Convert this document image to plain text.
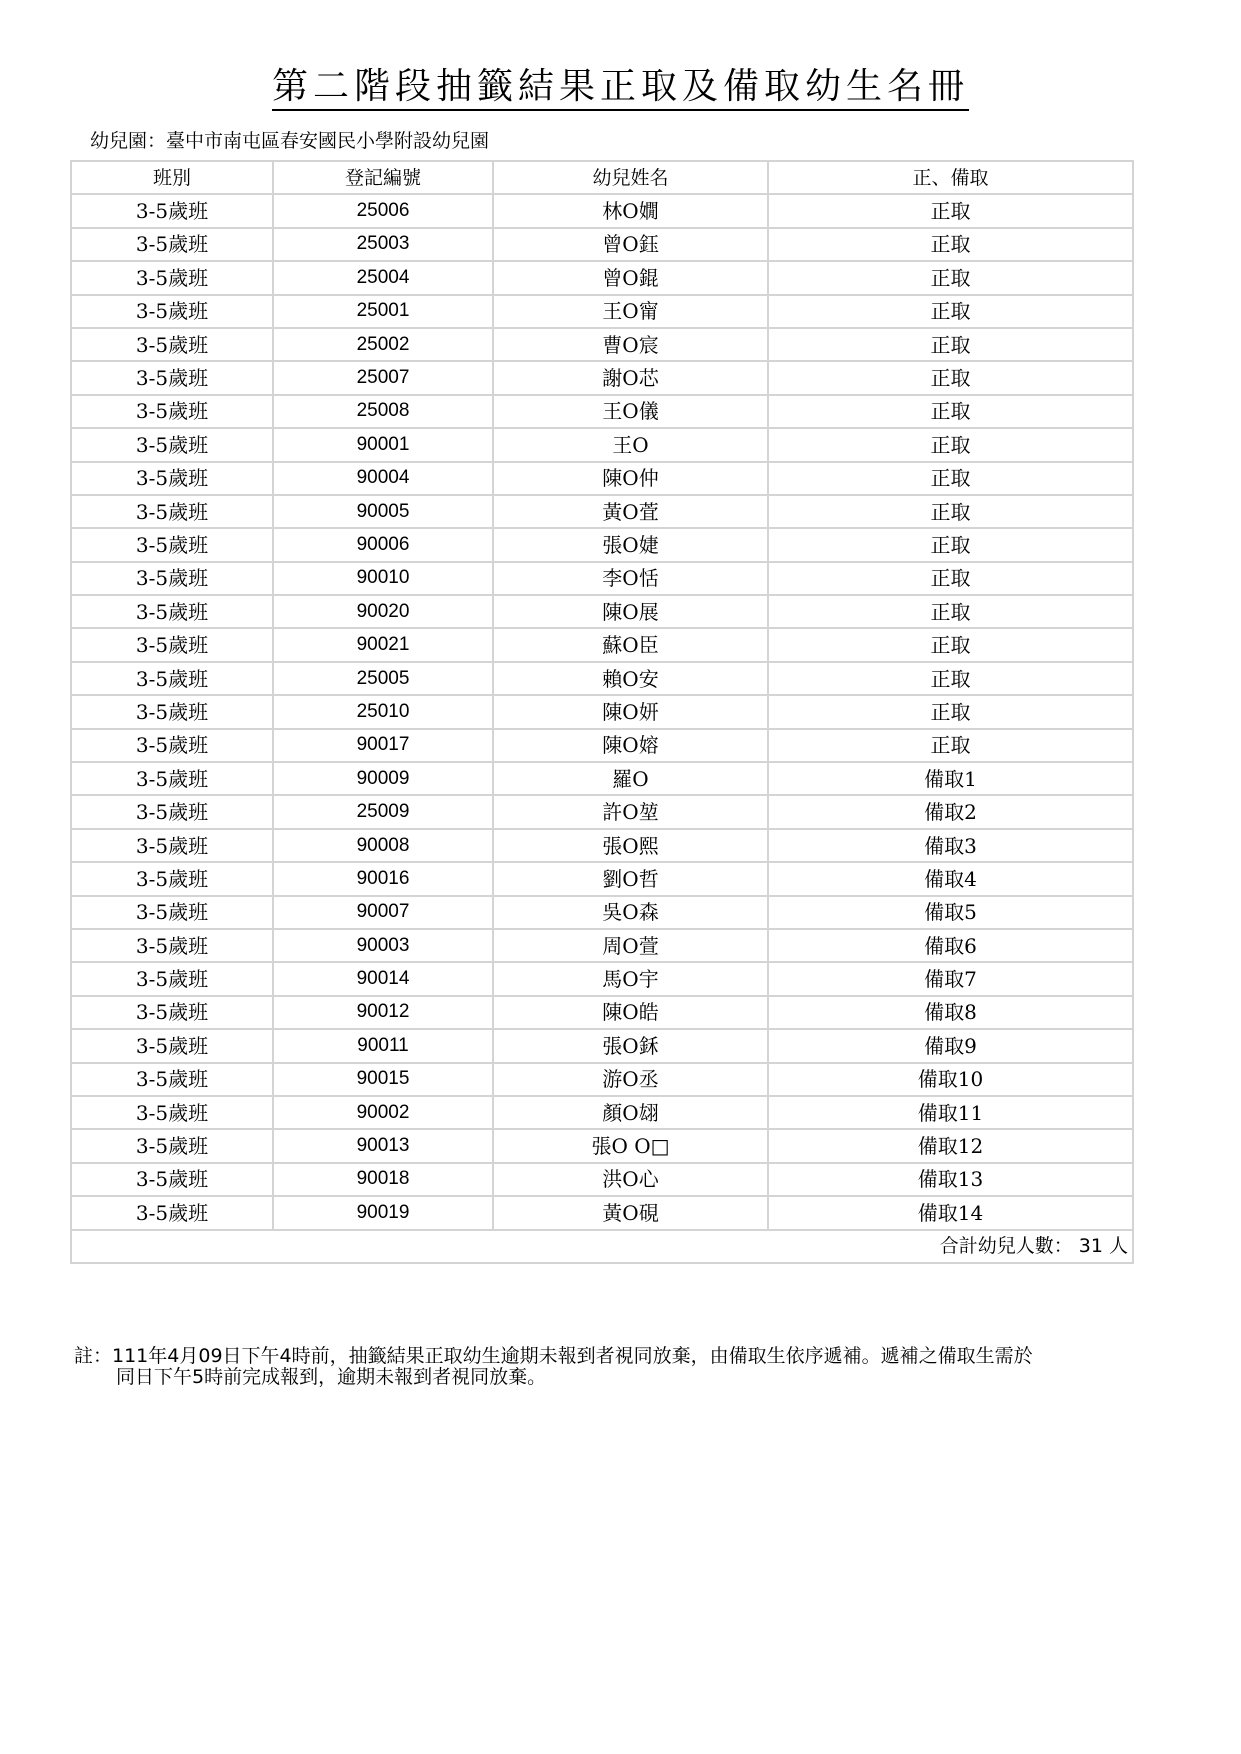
第二階段抽籤結果正取及備取幼生名冊
幼兒園：臺中市南屯區春安國民小學附設幼兒園
班別	登記編號	幼兒姓名	正、備取
3-5歲班	25006	林O嫺	正取
3-5歲班	25003	曾O鈺	正取
3-5歲班	25004	曾O錕	正取
3-5歲班	25001	王O甯	正取
3-5歲班	25002	曹O宸	正取
3-5歲班	25007	謝O芯	正取
3-5歲班	25008	王O儀	正取
3-5歲班	90001	王O	正取
3-5歲班	90004	陳O仲	正取
3-5歲班	90005	黃O萓	正取
3-5歲班	90006	張O婕	正取
3-5歲班	90010	李O恬	正取
3-5歲班	90020	陳O展	正取
3-5歲班	90021	蘇O臣	正取
3-5歲班	25005	賴O安	正取
3-5歲班	25010	陳O妍	正取
3-5歲班	90017	陳O嫆	正取
3-5歲班	90009	羅O	備取1
3-5歲班	25009	許O堃	備取2
3-5歲班	90008	張O熙	備取3
3-5歲班	90016	劉O哲	備取4
3-5歲班	90007	吳O森	備取5
3-5歲班	90003	周O萱	備取6
3-5歲班	90014	馬O宇	備取7
3-5歲班	90012	陳O皓	備取8
3-5歲班	90011	張O鉌	備取9
3-5歲班	90015	游O丞	備取10
3-5歲班	90002	顏O翃	備取11
3-5歲班	90013	張O O□	備取12
3-5歲班	90018	洪O心	備取13
3-5歲班	90019	黃O硯	備取14
合計幼兒人數： 31 人			
註：111年4月09日下午4時前，抽籤結果正取幼生逾期未報到者視同放棄，由備取生依序遞補。遞補之備取生需於
同日下午5時前完成報到，逾期未報到者視同放棄。
